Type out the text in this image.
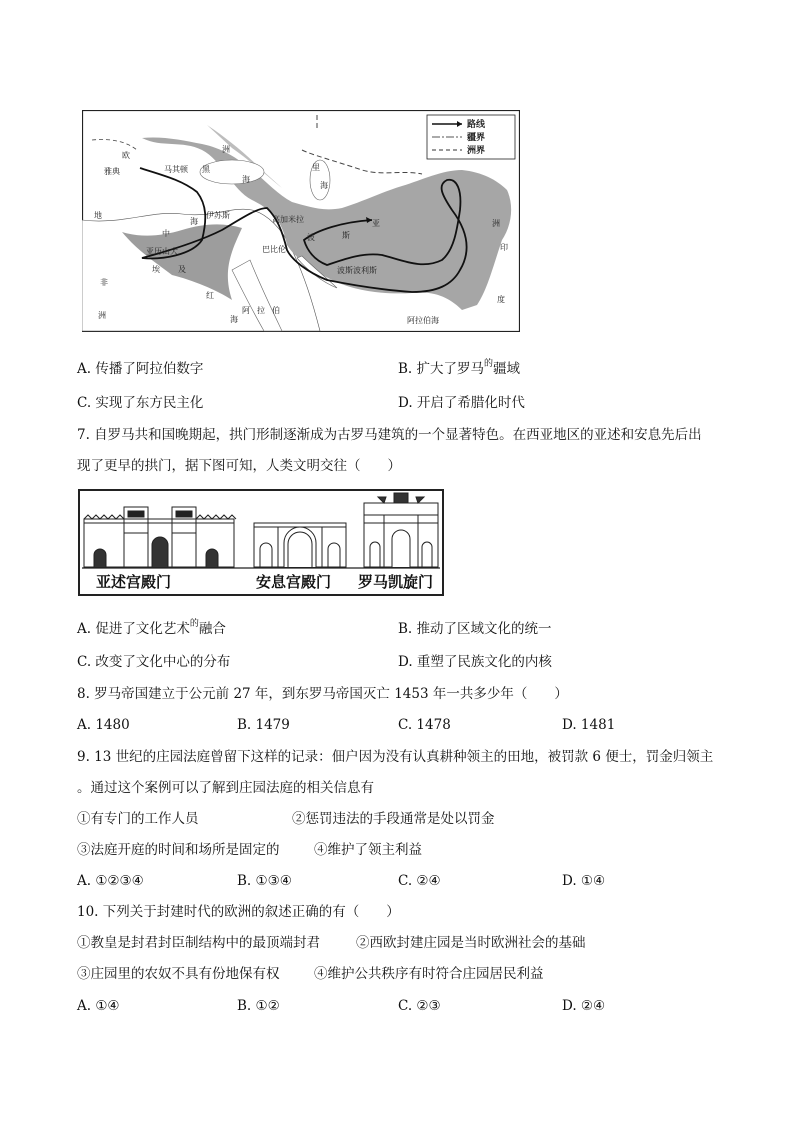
路线
疆界
洲界
欧
洲
黑
海
地
中
海
非
洲
亚历山大
埃 及
红
海
阿 拉 伯
巴比伦
波	斯
亚	洲
印
度
阿拉伯海
雅典
伊苏斯	高加米拉
波斯波利斯
里
海
马 其 顿
A. 传播了阿拉伯数字	B. 扩大了罗马$^的$疆域
C. 实现了东方民主化	D. 开启了希腊化时代
7. 自罗马共和国晚期起，拱门形制逐渐成为古罗马建筑的一个显著特色。在西亚地区的亚述和安息先后出
现了更早的拱门，据下图可知，人类文明交往（　　）
亚述宫殿门	安息宫殿门 罗马凯旋门
A. 促进了文化艺术$^的$融合	B. 推动了区域文化的统一
C. 改变了文化中心的分布	D. 重塑了民族文化的内核
8. 罗马帝国建立于公元前 27 年，到东罗马帝国灭亡 1453 年一共多少年（　　）
A. 1480	B. 1479	C. 1478	D. 1481
9. 13 世纪的庄园法庭曾留下这样的记录：佃户因为没有认真耕种领主的田地，被罚款 6 便士，罚金归领主
。通过这个案例可以了解到庄园法庭的相关信息有
①有专门的工作人员	②惩罚违法的手段通常是处以罚金
③法庭开庭的时间和场所是固定的	④维护了领主利益
A. ①②③④	B. ①③④	C. ②④	D. ①④
10. 下列关于封建时代的欧洲的叙述正确的有（　　）
①教皇是封君封臣制结构中的最顶端封君	②西欧封建庄园是当时欧洲社会的基础
③庄园里的农奴不具有份地保有权	④维护公共秩序有时符合庄园居民利益
A. ①④	B. ①②	C. ②③	D. ②④
